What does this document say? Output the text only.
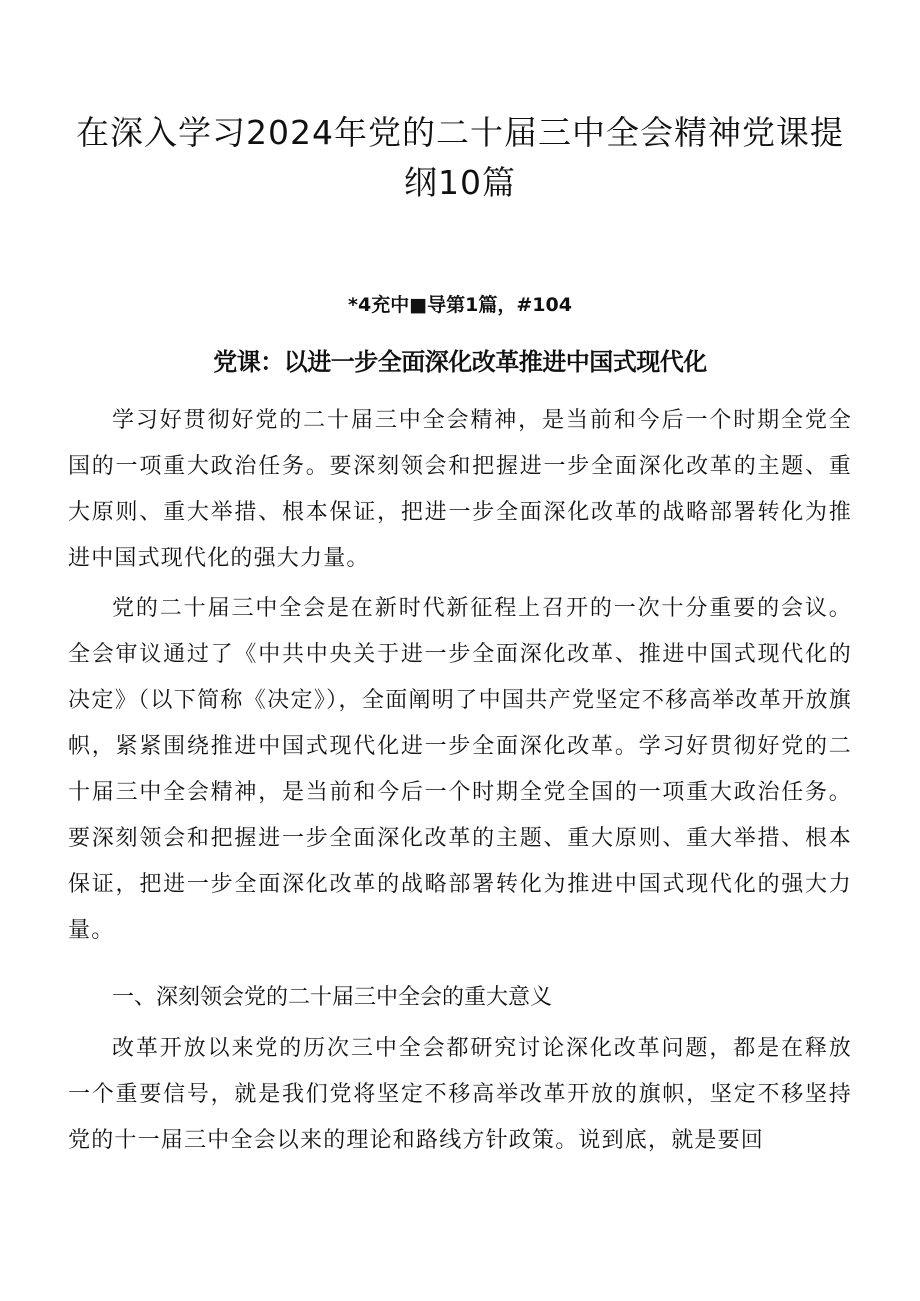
在深入学习2024年党的二十届三中全会精神党课提纲10篇

*4充中■导第1篇，#104

党课：以进一步全面深化改革推进中国式现代化

学习好贯彻好党的二十届三中全会精神，是当前和今后一个时期全党全国的一项重大政治任务。要深刻领会和把握进一步全面深化改革的主题、重大原则、重大举措、根本保证，把进一步全面深化改革的战略部署转化为推进中国式现代化的强大力量。

党的二十届三中全会是在新时代新征程上召开的一次十分重要的会议。全会审议通过了《中共中央关于进一步全面深化改革、推进中国式现代化的决定》（以下简称《决定》），全面阐明了中国共产党坚定不移高举改革开放旗帜，紧紧围绕推进中国式现代化进一步全面深化改革。学习好贯彻好党的二十届三中全会精神，是当前和今后一个时期全党全国的一项重大政治任务。要深刻领会和把握进一步全面深化改革的主题、重大原则、重大举措、根本保证，把进一步全面深化改革的战略部署转化为推进中国式现代化的强大力量。

一、深刻领会党的二十届三中全会的重大意义

改革开放以来党的历次三中全会都研究讨论深化改革问题，都是在释放一个重要信号，就是我们党将坚定不移高举改革开放的旗帜，坚定不移坚持党的十一届三中全会以来的理论和路线方针政策。说到底，就是要回
